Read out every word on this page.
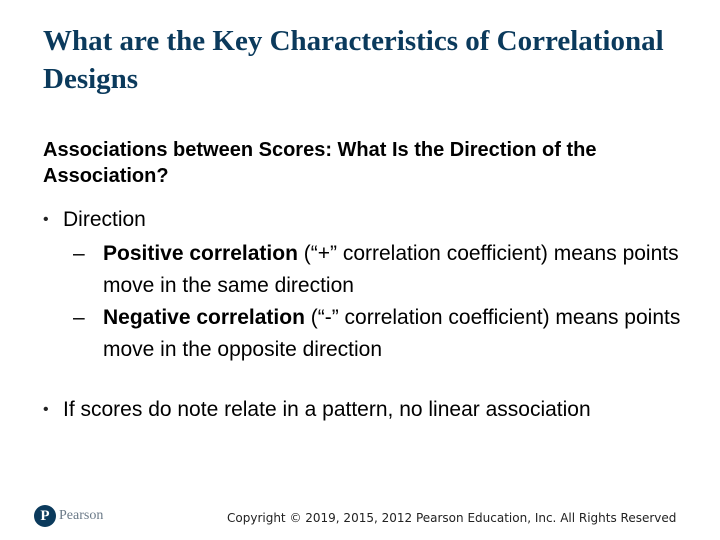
What are the Key Characteristics of Correlational Designs
Associations between Scores: What Is the Direction of the Association?
• Direction
– Positive correlation (“+” correlation coefficient) means points move in the same direction
– Negative correlation (“-” correlation coefficient) means points move in the opposite direction
• If scores do note relate in a pattern, no linear association
P Pearson	Copyright © 2019, 2015, 2012 Pearson Education, Inc. All Rights Reserved
